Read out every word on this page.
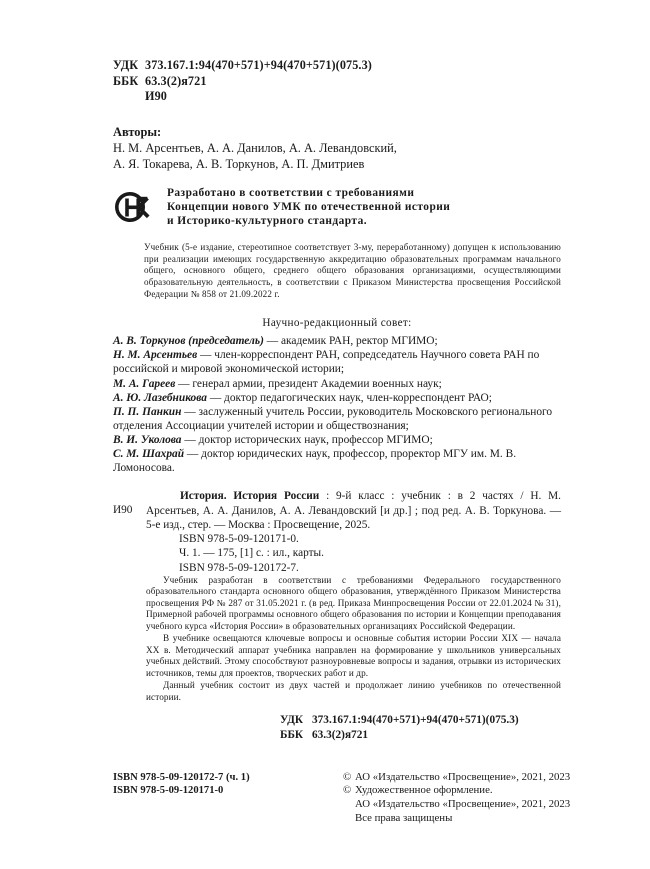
УДК 373.167.1:94(470+571)+94(470+571)(075.3)
ББК 63.3(2)я721
И90
Авторы:
Н. М. Арсентьев, А. А. Данилов, А. А. Левандовский,
А. Я. Токарева, А. В. Торкунов, А. П. Дмитриев
Разработано в соответствии с требованиями
Концепции нового УМК по отечественной истории
и Историко-культурного стандарта.
Учебник (5-е издание, стереотипное соответствует 3-му, переработанному) допущен к использованию при реализации имеющих государственную аккредитацию образовательных программам начального общего, основного общего, среднего общего образования организациями, осуществляющими образовательную деятельность, в соответствии с Приказом Министерства просвещения Российской Федерации № 858 от 21.09.2022 г.
Научно-редакционный совет:
А. В. Торкунов (председатель) — академик РАН, ректор МГИМО;
Н. М. Арсентьев — член-корреспондент РАН, сопредседатель Научного совета РАН по российской и мировой экономической истории;
М. А. Гареев — генерал армии, президент Академии военных наук;
А. Ю. Лазебникова — доктор педагогических наук, член-корреспондент РАО;
П. П. Панкин — заслуженный учитель России, руководитель Московского регионального отделения Ассоциации учителей истории и обществознания;
В. И. Уколова — доктор исторических наук, профессор МГИМО;
С. М. Шахрай — доктор юридических наук, профессор, проректор МГУ им. М. В. Ломоносова.
И90
История. История России : 9-й класс : учебник : в 2 частях / Н. М. Арсентьев, А. А. Данилов, А. А. Левандовский [и др.] ; под ред. А. В. Торкунова. — 5-е изд., стер. — Москва : Просвещение, 2025.
ISBN 978-5-09-120171-0.
Ч. 1. — 175, [1] с. : ил., карты.
ISBN 978-5-09-120172-7.

Учебник разработан в соответствии с требованиями Федерального государственного образовательного стандарта основного общего образования, утверждённого Приказом Министерства просвещения РФ № 287 от 31.05.2021 г. (в ред. Приказа Минпросвещения России от 22.01.2024 № 31), Примерной рабочей программы основного общего образования по истории и Концепции преподавания учебного курса «История России» в образовательных организациях Российской Федерации.

В учебнике освещаются ключевые вопросы и основные события истории России XIX — начала XX в. Методический аппарат учебника направлен на формирование у школьников универсальных учебных действий. Этому способствуют разноуровневые вопросы и задания, отрывки из исторических источников, темы для проектов, творческих работ и др.

Данный учебник состоит из двух частей и продолжает линию учебников по отечественной истории.

УДК 373.167.1:94(470+571)+94(470+571)(075.3)
ББК 63.3(2)я721
ISBN 978-5-09-120172-7 (ч. 1)
ISBN 978-5-09-120171-0
© АО «Издательство «Просвещение», 2021, 2023
© Художественное оформление.
АО «Издательство «Просвещение», 2021, 2023
Все права защищены
